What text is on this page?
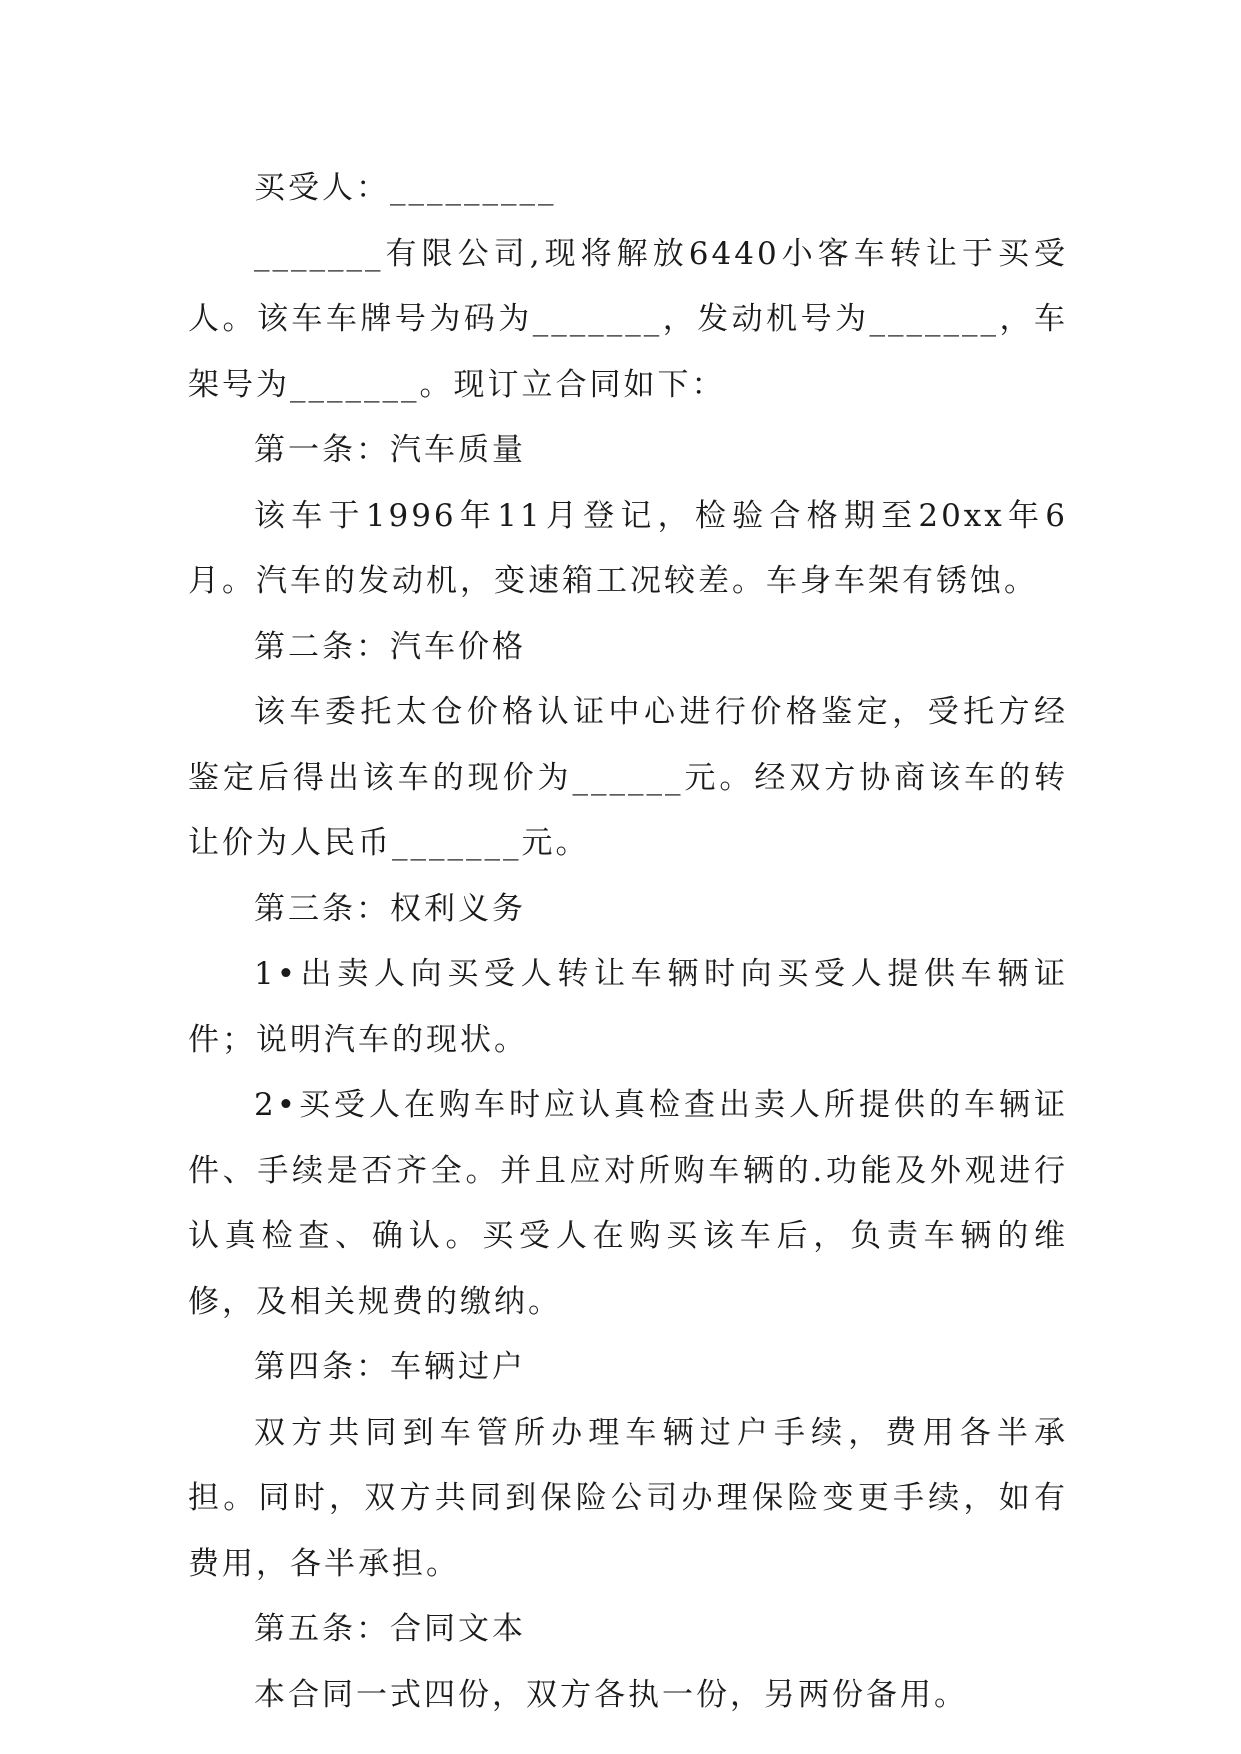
买受人：_________

_______有限公司,现将解放6440小客车转让于买受人。该车车牌号为码为_______，发动机号为_______，车架号为_______。现订立合同如下：

第一条：汽车质量

该车于1996年11月登记，检验合格期至20xx年6月。汽车的发动机，变速箱工况较差。车身车架有锈蚀。

第二条：汽车价格

该车委托太仓价格认证中心进行价格鉴定，受托方经鉴定后得出该车的现价为______元。经双方协商该车的转让价为人民币_______元。

第三条：权利义务

1•出卖人向买受人转让车辆时向买受人提供车辆证件；说明汽车的现状。

2•买受人在购车时应认真检查出卖人所提供的车辆证件、手续是否齐全。并且应对所购车辆的.功能及外观进行认真检查、确认。买受人在购买该车后，负责车辆的维修，及相关规费的缴纳。

第四条：车辆过户

双方共同到车管所办理车辆过户手续，费用各半承担。同时，双方共同到保险公司办理保险变更手续，如有费用，各半承担。

第五条：合同文本

本合同一式四份，双方各执一份，另两份备用。
